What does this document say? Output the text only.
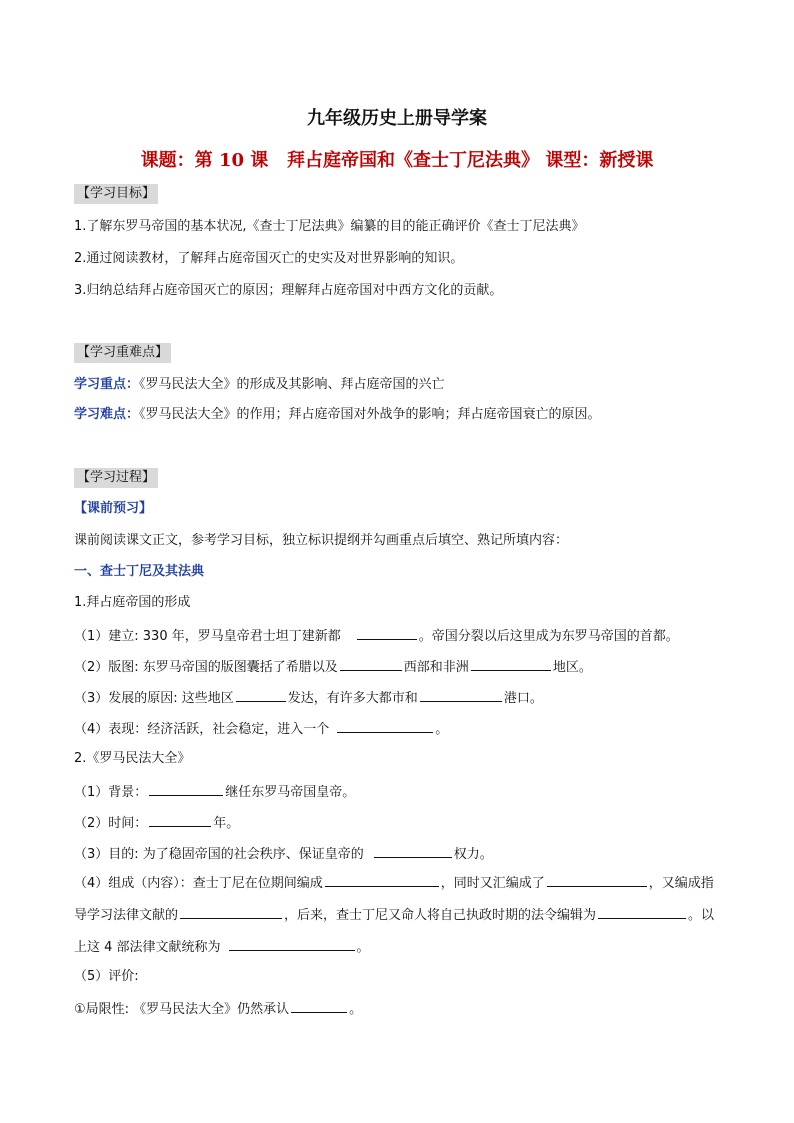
九年级历史上册导学案
课题：第 10 课   拜占庭帝国和《查士丁尼法典》 课型：新授课
【学习目标】
1.了解东罗马帝国的基本状况,《查士丁尼法典》编纂的目的能正确评价《查士丁尼法典》
2.通过阅读教材，了解拜占庭帝国灭亡的史实及对世界影响的知识。
3.归纳总结拜占庭帝国灭亡的原因；理解拜占庭帝国对中西方文化的贡献。
【学习重难点】
学习重点：《罗马民法大全》的形成及其影响、拜占庭帝国的兴亡
学习难点：《罗马民法大全》的作用；拜占庭帝国对外战争的影响；拜占庭帝国衰亡的原因。
【学习过程】
【课前预习】
课前阅读课文正文，参考学习目标，独立标识提纲并勾画重点后填空、熟记所填内容：
一、查士丁尼及其法典
1.拜占庭帝国的形成
（1）建立: 330 年，罗马皇帝君士坦丁建新都	。帝国分裂以后这里成为东罗马帝国的首都。
（2）版图: 东罗马帝国的版图囊括了希腊以及	西部和非洲	地区。
（3）发展的原因: 这些地区	发达，有许多大都市和	港口。
（4）表现：经济活跃，社会稳定，进入一个	。
2.《罗马民法大全》
（1）背景：	继任东罗马帝国皇帝。
（2）时间：	年。
（3）目的: 为了稳固帝国的社会秩序、保证皇帝的	权力。
（4）组成（内容）：查士丁尼在位期间编成	，同时又汇编成了	，又编成指导学习法律文献的	，后来，查士丁尼又命人将自己执政时期的法令编辑为	。以上这 4 部法律文献统称为	。
（5）评价:
①局限性: 《罗马民法大全》仍然承认	。
